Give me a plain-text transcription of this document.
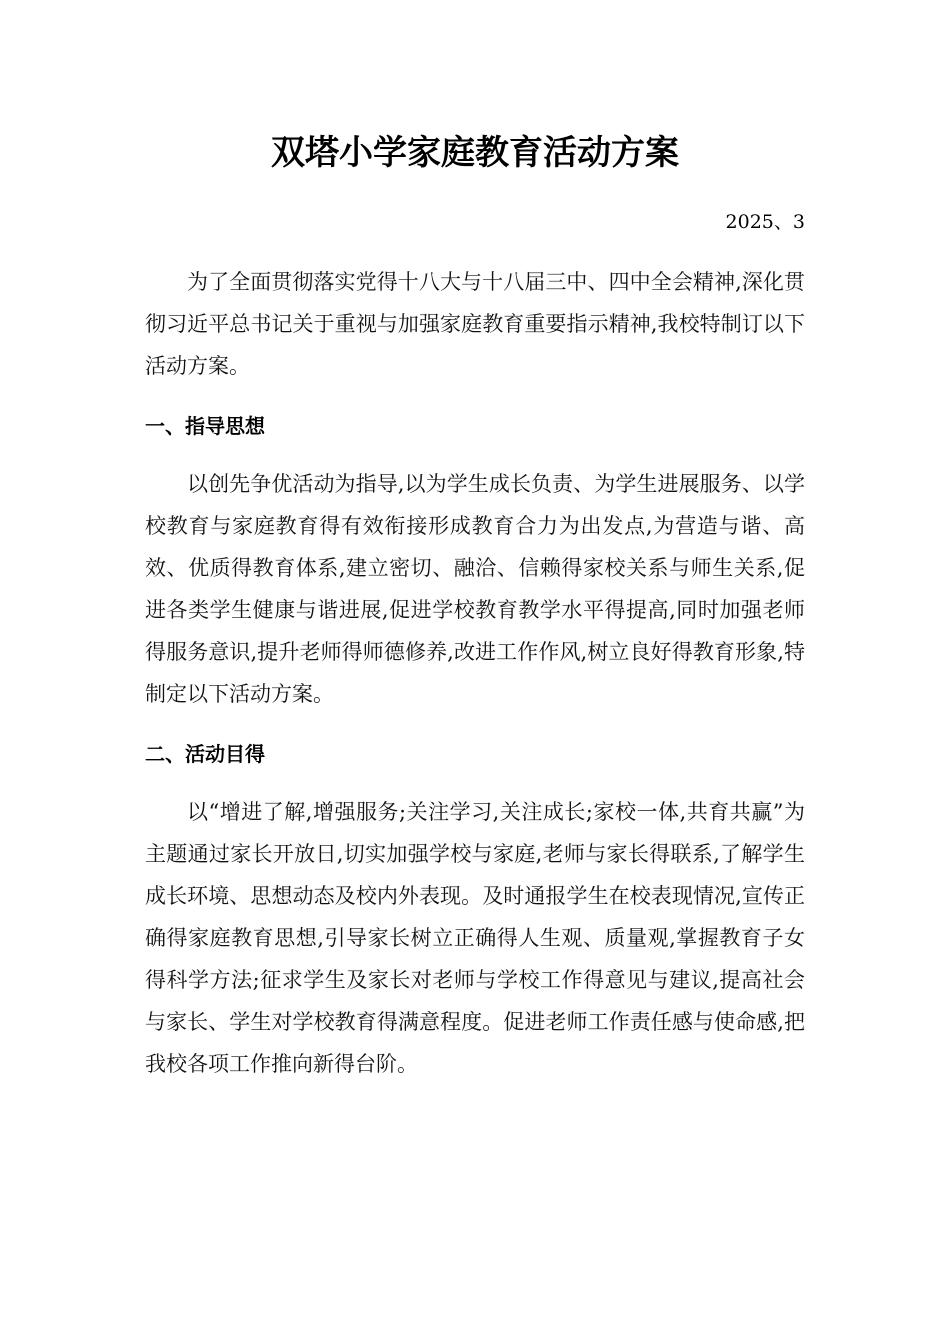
双塔小学家庭教育活动方案
2025、3

为了全面贯彻落实党得十八大与十八届三中、四中全会精神,深化贯彻习近平总书记关于重视与加强家庭教育重要指示精神,我校特制订以下活动方案。

一、指导思想

以创先争优活动为指导,以为学生成长负责、为学生进展服务、以学校教育与家庭教育得有效衔接形成教育合力为出发点,为营造与谐、高效、优质得教育体系,建立密切、融洽、信赖得家校关系与师生关系,促进各类学生健康与谐进展,促进学校教育教学水平得提高,同时加强老师得服务意识,提升老师得师德修养,改进工作作风,树立良好得教育形象,特制定以下活动方案。

二、活动目得

以“增进了解,增强服务;关注学习,关注成长;家校一体,共育共赢”为主题通过家长开放日,切实加强学校与家庭,老师与家长得联系,了解学生成长环境、思想动态及校内外表现。及时通报学生在校表现情况,宣传正确得家庭教育思想,引导家长树立正确得人生观、质量观,掌握教育子女得科学方法;征求学生及家长对老师与学校工作得意见与建议,提高社会与家长、学生对学校教育得满意程度。促进老师工作责任感与使命感,把我校各项工作推向新得台阶。
